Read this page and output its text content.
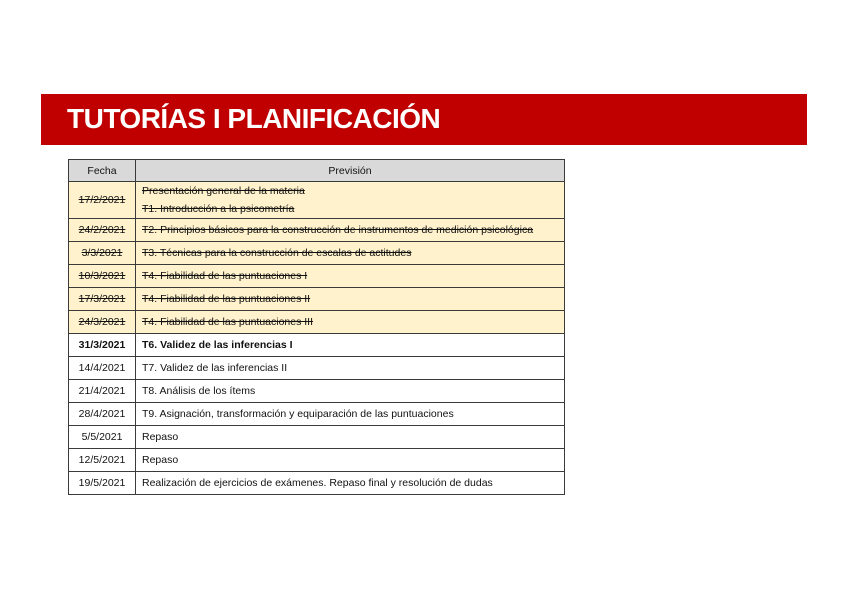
TUTORÍAS I PLANIFICACIÓN
Fecha	Previsión
17/2/2021	Presentación general de la materia
T1. Introducción a la psicometría

24/2/2021	T2. Principios básicos para la construcción de instrumentos de medición psicológica

3/3/2021	T3. Técnicas para la construcción de escalas de actitudes

10/3/2021	T4. Fiabilidad de las puntuaciones I

17/3/2021	T4. Fiabilidad de las puntuaciones II

24/3/2021	T4. Fiabilidad de las puntuaciones III

31/3/2021	T6. Validez de las inferencias I

14/4/2021	T7. Validez de las inferencias II

21/4/2021	T8. Análisis de los ítems

28/4/2021	T9. Asignación, transformación y equiparación de las puntuaciones

5/5/2021	Repaso

12/5/2021	Repaso

19/5/2021	Realización de ejercicios de exámenes. Repaso final y resolución de dudas
